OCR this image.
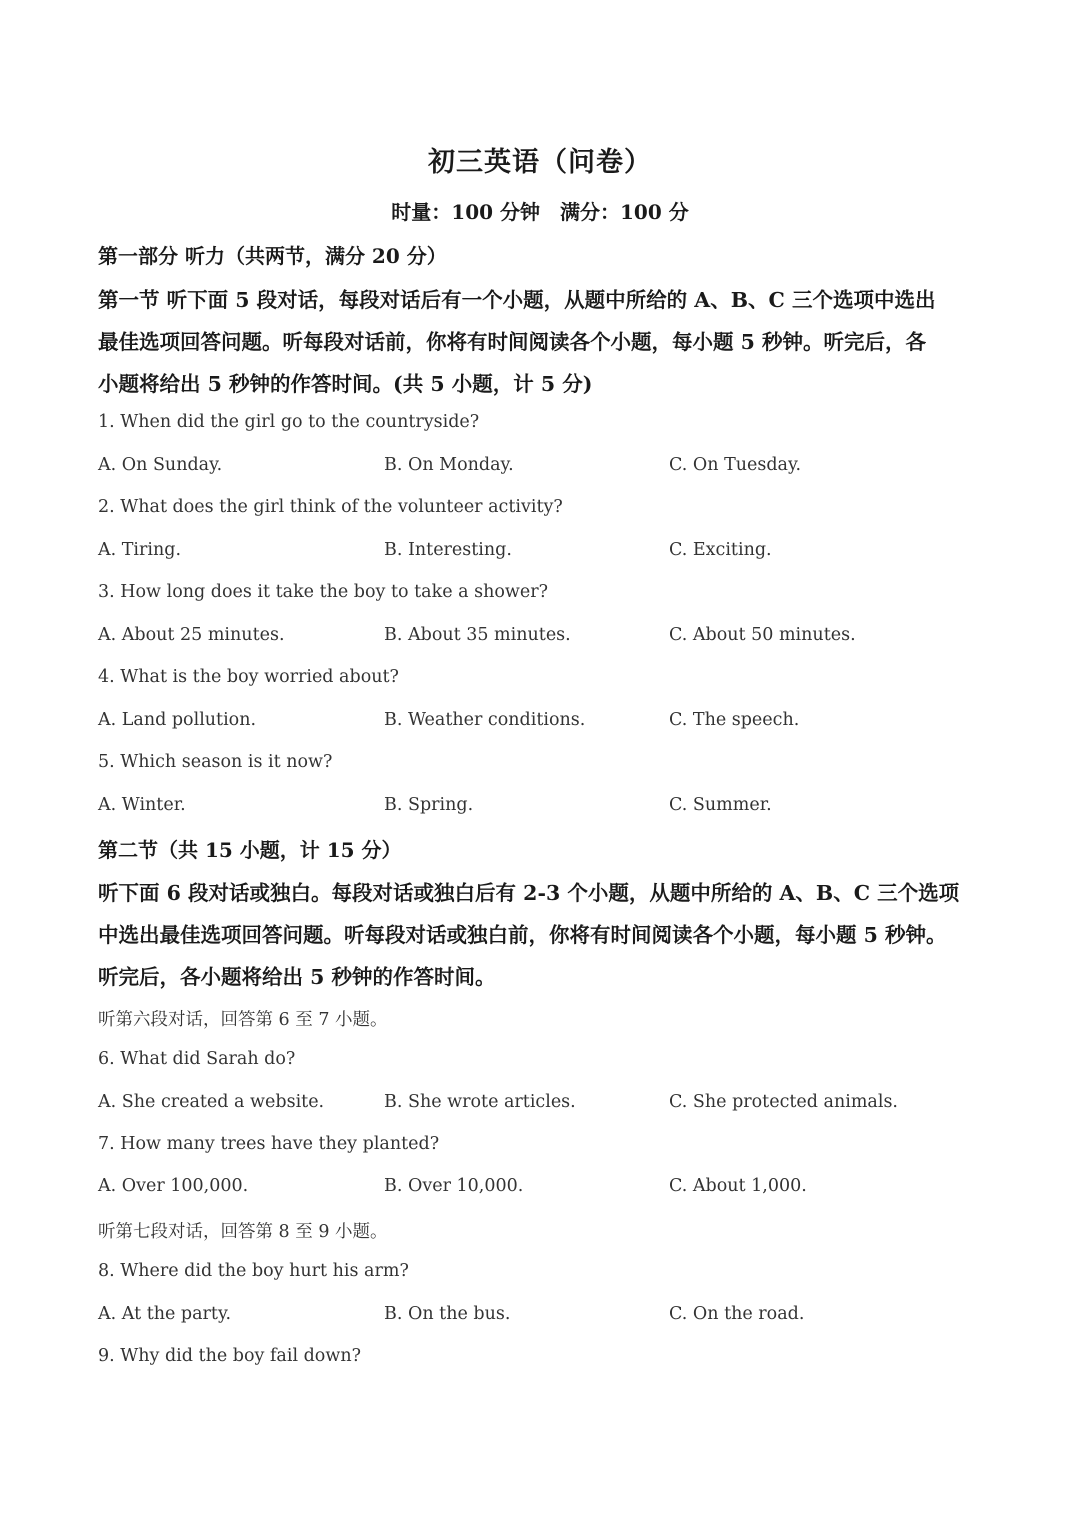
初三英语（问卷）
时量：100 分钟　满分：100 分
第一部分 听力（共两节，满分 20 分）
第一节 听下面 5 段对话，每段对话后有一个小题，从题中所给的 A、B、C 三个选项中选出
最佳选项回答问题。听每段对话前，你将有时间阅读各个小题，每小题 5 秒钟。听完后，各
小题将给出 5 秒钟的作答时间。(共 5 小题，计 5 分)
1. When did the girl go to the countryside?
A. On Sunday.	B. On Monday.	C. On Tuesday.
2. What does the girl think of the volunteer activity?
A. Tiring.	B. Interesting.	C. Exciting.
3. How long does it take the boy to take a shower?
A. About 25 minutes.	B. About 35 minutes.	C. About 50 minutes.
4. What is the boy worried about?
A. Land pollution.	B. Weather conditions.	C. The speech.
5. Which season is it now?
A. Winter.	B. Spring.	C. Summer.
第二节（共 15 小题，计 15 分）
听下面 6 段对话或独白。每段对话或独白后有 2-3 个小题，从题中所给的 A、B、C 三个选项
中选出最佳选项回答问题。听每段对话或独白前，你将有时间阅读各个小题，每小题 5 秒钟。
听完后，各小题将给出 5 秒钟的作答时间。
听第六段对话，回答第 6 至 7 小题。
6. What did Sarah do?
A. She created a website.	B. She wrote articles.	C. She protected animals.
7. How many trees have they planted?
A. Over 100,000.	B. Over 10,000.	C. About 1,000.
听第七段对话，回答第 8 至 9 小题。
8. Where did the boy hurt his arm?
A. At the party.	B. On the bus.	C. On the road.
9. Why did the boy fail down?
